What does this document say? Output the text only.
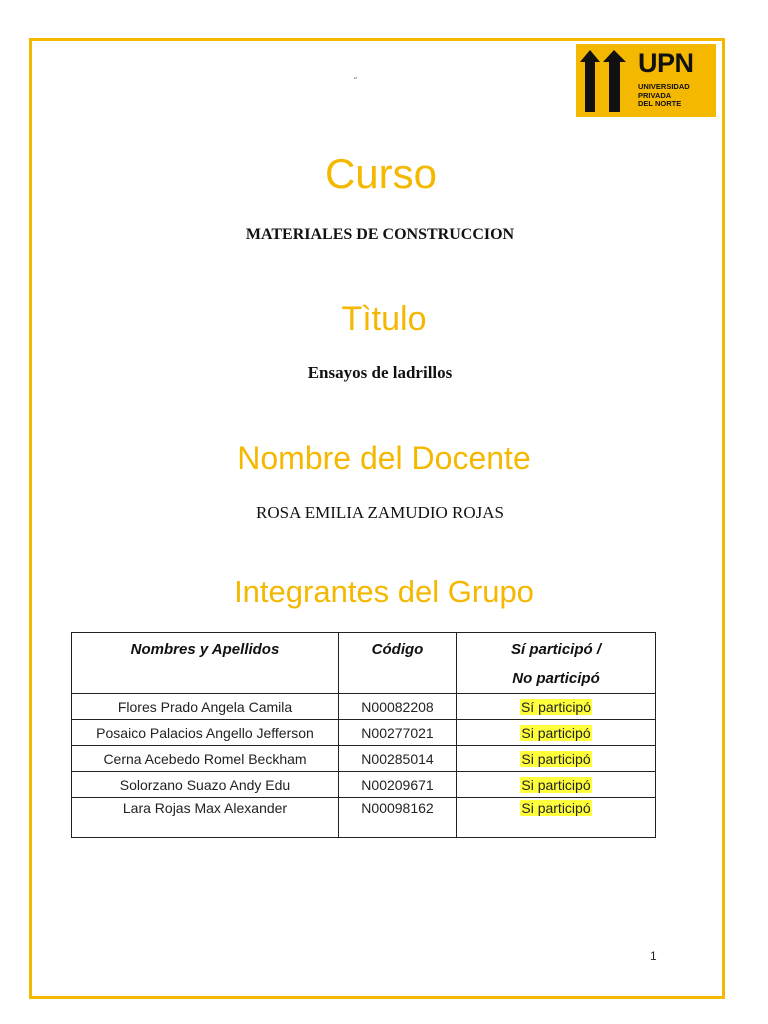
˝
UPN
UNIVERSIDAD
PRIVADA
DEL NORTE
Curso
MATERIALES DE CONSTRUCCION
Tìtulo
Ensayos de ladrillos
Nombre del Docente
ROSA EMILIA ZAMUDIO ROJAS
Integrantes del Grupo
Nombres y Apellidos	Código	Sí participó /
No participó

Flores Prado Angela Camila	N00082208	Sí participó
Posaico Palacios Angello Jefferson	N00277021	Si participó
Cerna Acebedo Romel Beckham	N00285014	Si participó
Solorzano Suazo Andy Edu	N00209671	Si participó
Lara Rojas Max Alexander	N00098162	Si participó
1
